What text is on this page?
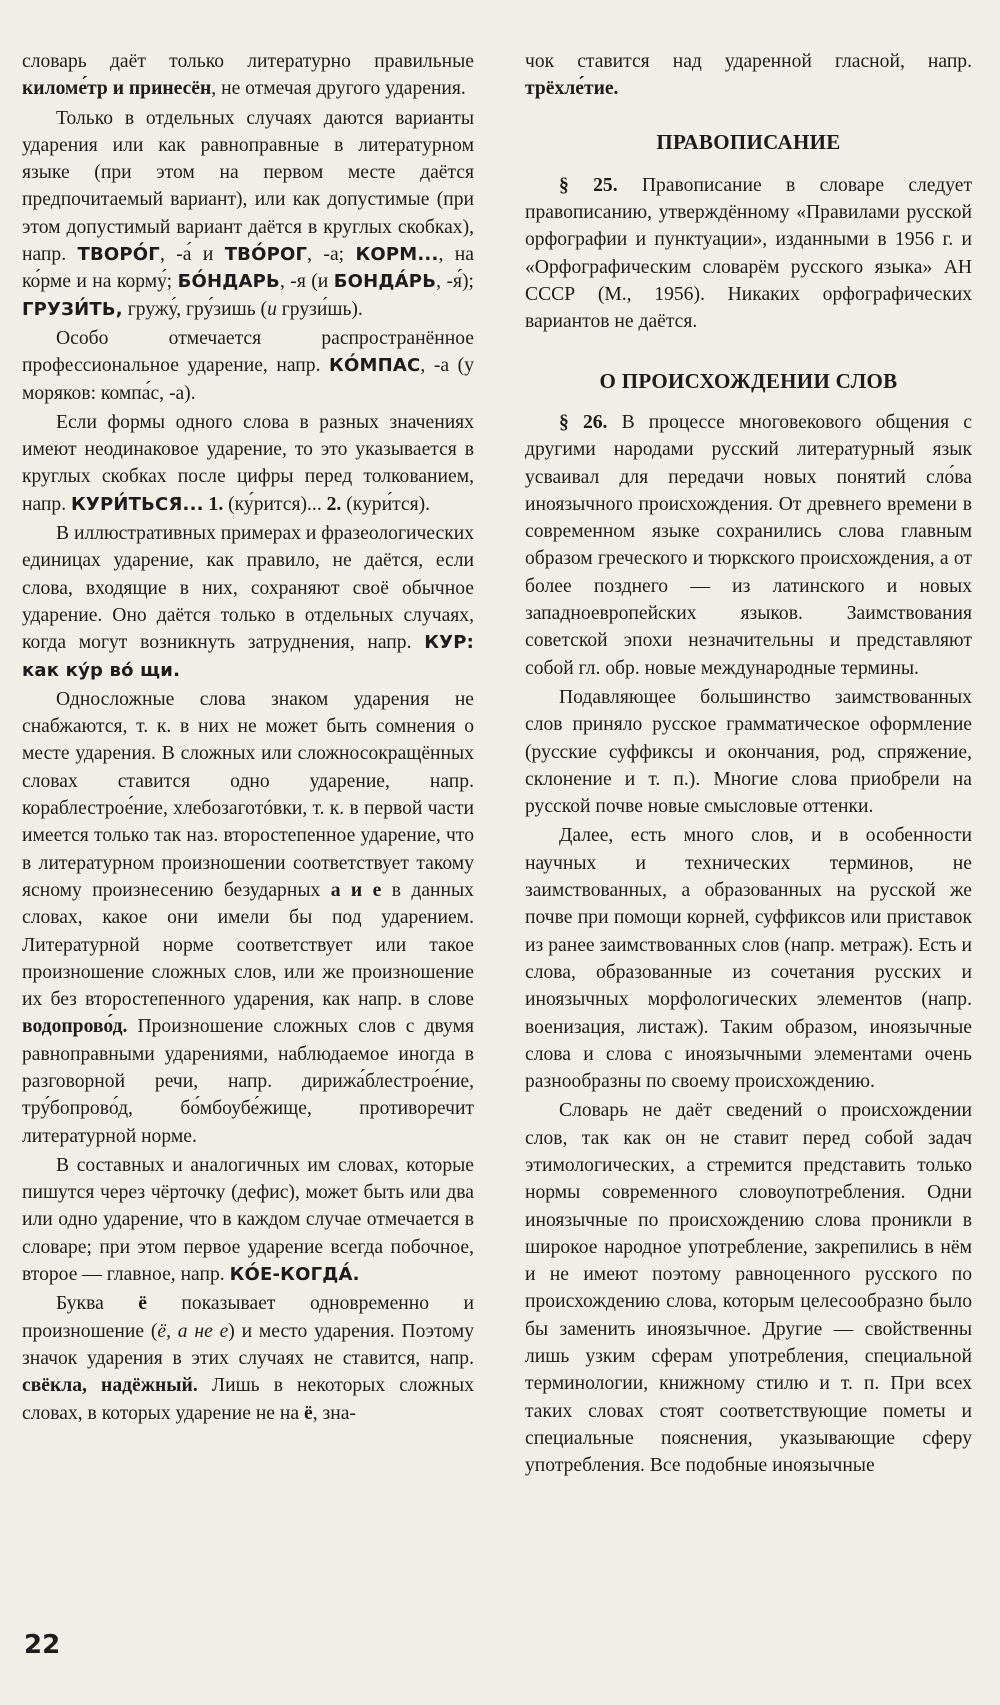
словарь даёт только литературно правильные киломе́тр и принесён, не отмечая другого ударения.

Только в отдельных случаях даются варианты ударения или как равноправные в литературном языке (при этом на первом месте даётся предпочитаемый вариант), или как допустимые (при этом допустимый вариант даётся в круглых скобках), напр. ТВОРО́Г, -а́ и ТВО́РОГ, -а; КОРМ..., на ко́рме и на корму́; БО́НДАРЬ, -я (и БОНДА́РЬ, -я́); ГРУЗИ́ТЬ, гружу́, гру́зишь (и грузи́шь).

Особо отмечается распространённое профессиональное ударение, напр. КО́МПАС, -а (у моряков: компа́с, -а).

Если формы одного слова в разных значениях имеют неодинаковое ударение, то это указывается в круглых скобках после цифры перед толкованием, напр. КУРИ́ТЬСЯ... 1. (ку́рится)... 2. (кури́тся).

В иллюстративных примерах и фразеологических единицах ударение, как правило, не даётся, если слова, входящие в них, сохраняют своё обычное ударение. Оно даётся только в отдельных случаях, когда могут возникнуть затруднения, напр. КУР: как ку́р во́ щи.

Односложные слова знаком ударения не снабжаются, т. к. в них не может быть сомнения о месте ударения. В сложных или сложносокращённых словах ставится одно ударение, напр. кораблестрое́ние, хлебозаготóвки, т. к. в первой части имеется только так наз. второстепенное ударение, что в литературном произношении соответствует такому ясному произнесению безударных а и е в данных словах, какое они имели бы под ударением. Литературной норме соответствует или такое произношение сложных слов, или же произношение их без второстепенного ударения, как напр. в слове водопрово́д. Произношение сложных слов с двумя равноправными ударениями, наблюдаемое иногда в разговорной речи, напр. дирижа́блестрое́ние, тру́бопрово́д, бо́мбоубе́жище, противоречит литературной норме.

В составных и аналогичных им словах, которые пишутся через чёрточку (дефис), может быть или два или одно ударение, что в каждом случае отмечается в словаре; при этом первое ударение всегда побочное, второе — главное, напр. КО́Е-КОГДА́.

Буква ё показывает одновременно и произношение (ё, а не е) и место ударения. Поэтому значок ударения в этих случаях не ставится, напр. свёкла, надёжный. Лишь в некоторых сложных словах, в которых ударение не на ё, зна-

чок ставится над ударенной гласной, напр. трёхле́тие.

ПРАВОПИСАНИЕ

§ 25. Правописание в словаре следует правописанию, утверждённому «Правилами русской орфографии и пунктуации», изданными в 1956 г. и «Орфографическим словарём русского языка» АН СССР (М., 1956). Никаких орфографических вариантов не даётся.

О ПРОИСХОЖДЕНИИ СЛОВ

§ 26. В процессе многовекового общения с другими народами русский литературный язык усваивал для передачи новых понятий сло́ва иноязычного происхождения. От древнего времени в современном языке сохранились слова главным образом греческого и тюркского происхождения, а от более позднего — из латинского и новых западноевропейских языков. Заимствования советской эпохи незначительны и представляют собой гл. обр. новые международные термины.

Подавляющее большинство заимствованных слов приняло русское грамматическое оформление (русские суффиксы и окончания, род, спряжение, склонение и т. п.). Многие слова приобрели на русской почве новые смысловые оттенки.

Далее, есть много слов, и в особенности научных и технических терминов, не заимствованных, а образованных на русской же почве при помощи корней, суффиксов или приставок из ранее заимствованных слов (напр. метраж). Есть и слова, образованные из сочетания русских и иноязычных морфологических элементов (напр. военизация, листаж). Таким образом, иноязычные слова и слова с иноязычными элементами очень разнообразны по своему происхождению.

Словарь не даёт сведений о происхождении слов, так как он не ставит перед собой задач этимологических, а стремится представить только нормы современного словоупотребления. Одни иноязычные по происхождению слова проникли в широкое народное употребление, закрепились в нём и не имеют поэтому равноценного русского по происхождению слова, которым целесообразно было бы заменить иноязычное. Другие — свойственны лишь узким сферам употребления, специальной терминологии, книжному стилю и т. п. При всех таких словах стоят соответствующие пометы и специальные пояснения, указывающие сферу употребления. Все подобные иноязычные

22
